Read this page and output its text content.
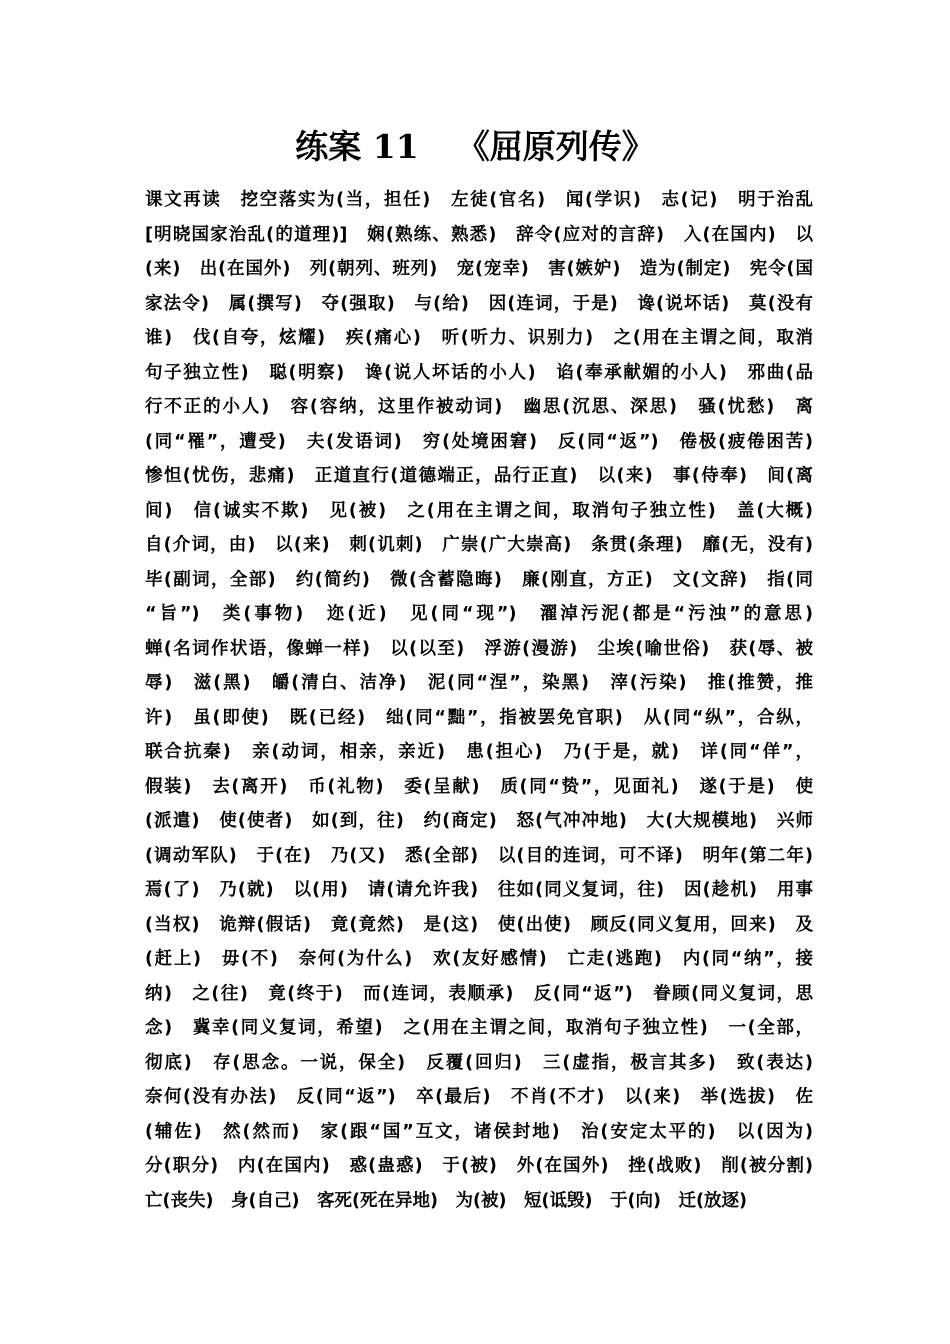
练案 11 《屈原列传》
课文再读　挖空落实为(当，担任)　左徒(官名)　闻(学识)　志(记)　明于治乱
[明晓国家治乱(的道理)]　娴(熟练、熟悉)　辞令(应对的言辞)　入(在国内)　以
(来)　出(在国外)　列(朝列、班列)　宠(宠幸)　害(嫉妒)　造为(制定)　宪令(国
家法令)　属(撰写)　夺(强取)　与(给)　因(连词，于是)　谗(说坏话)　莫(没有
谁)　伐(自夸，炫耀)　疾(痛心)　听(听力、识别力)　之(用在主谓之间，取消
句子独立性)　聪(明察)　谗(说人坏话的小人)　谄(奉承献媚的小人)　邪曲(品
行不正的小人)　容(容纳，这里作被动词)　幽思(沉思、深思)　骚(忧愁)　离
(同“罹”，遭受)　夫(发语词)　穷(处境困窘)　反(同“返”)　倦极(疲倦困苦)
惨怛(忧伤，悲痛)　正道直行(道德端正，品行正直)　以(来)　事(侍奉)　间(离
间)　信(诚实不欺)　见(被)　之(用在主谓之间，取消句子独立性)　盖(大概)
自(介词，由)　以(来)　刺(讥刺)　广崇(广大崇高)　条贯(条理)　靡(无，没有)
毕(副词，全部)　约(简约)　微(含蓄隐晦)　廉(刚直，方正)　文(文辞)　指(同
“旨”)　类(事物)　迩(近)　见(同“现”)　濯淖污泥(都是“污浊”的意思)
蝉(名词作状语，像蝉一样)　以(以至)　浮游(漫游)　尘埃(喻世俗)　获(辱、被
辱)　滋(黑)　皭(清白、洁净)　泥(同“涅”，染黑)　滓(污染)　推(推赞，推
许)　虽(即使)　既(已经)　绌(同“黜”，指被罢免官职)　从(同“纵”，合纵，
联合抗秦)　亲(动词，相亲，亲近)　患(担心)　乃(于是，就)　详(同“佯”，
假装)　去(离开)　币(礼物)　委(呈献)　质(同“贽”，见面礼)　遂(于是)　使
(派遣)　使(使者)　如(到，往)　约(商定)　怒(气冲冲地)　大(大规模地)　兴师
(调动军队)　于(在)　乃(又)　悉(全部)　以(目的连词，可不译)　明年(第二年)
焉(了)　乃(就)　以(用)　请(请允许我)　往如(同义复词，往)　因(趁机)　用事
(当权)　诡辩(假话)　竟(竟然)　是(这)　使(出使)　顾反(同义复用，回来)　及
(赶上)　毋(不)　奈何(为什么)　欢(友好感情)　亡走(逃跑)　内(同“纳”，接
纳)　之(往)　竟(终于)　而(连词，表顺承)　反(同“返”)　眷顾(同义复词，思
念)　冀幸(同义复词，希望)　之(用在主谓之间，取消句子独立性)　一(全部，
彻底)　存(思念。一说，保全)　反覆(回归)　三(虚指，极言其多)　致(表达)
奈何(没有办法)　反(同“返”)　卒(最后)　不肖(不才)　以(来)　举(选拔)　佐
(辅佐)　然(然而)　家(跟“国”互文，诸侯封地)　治(安定太平的)　以(因为)
分(职分)　内(在国内)　惑(蛊惑)　于(被)　外(在国外)　挫(战败)　削(被分割)
亡(丧失)　身(自己)　客死(死在异地)　为(被)　短(诋毁)　于(向)　迁(放逐)
